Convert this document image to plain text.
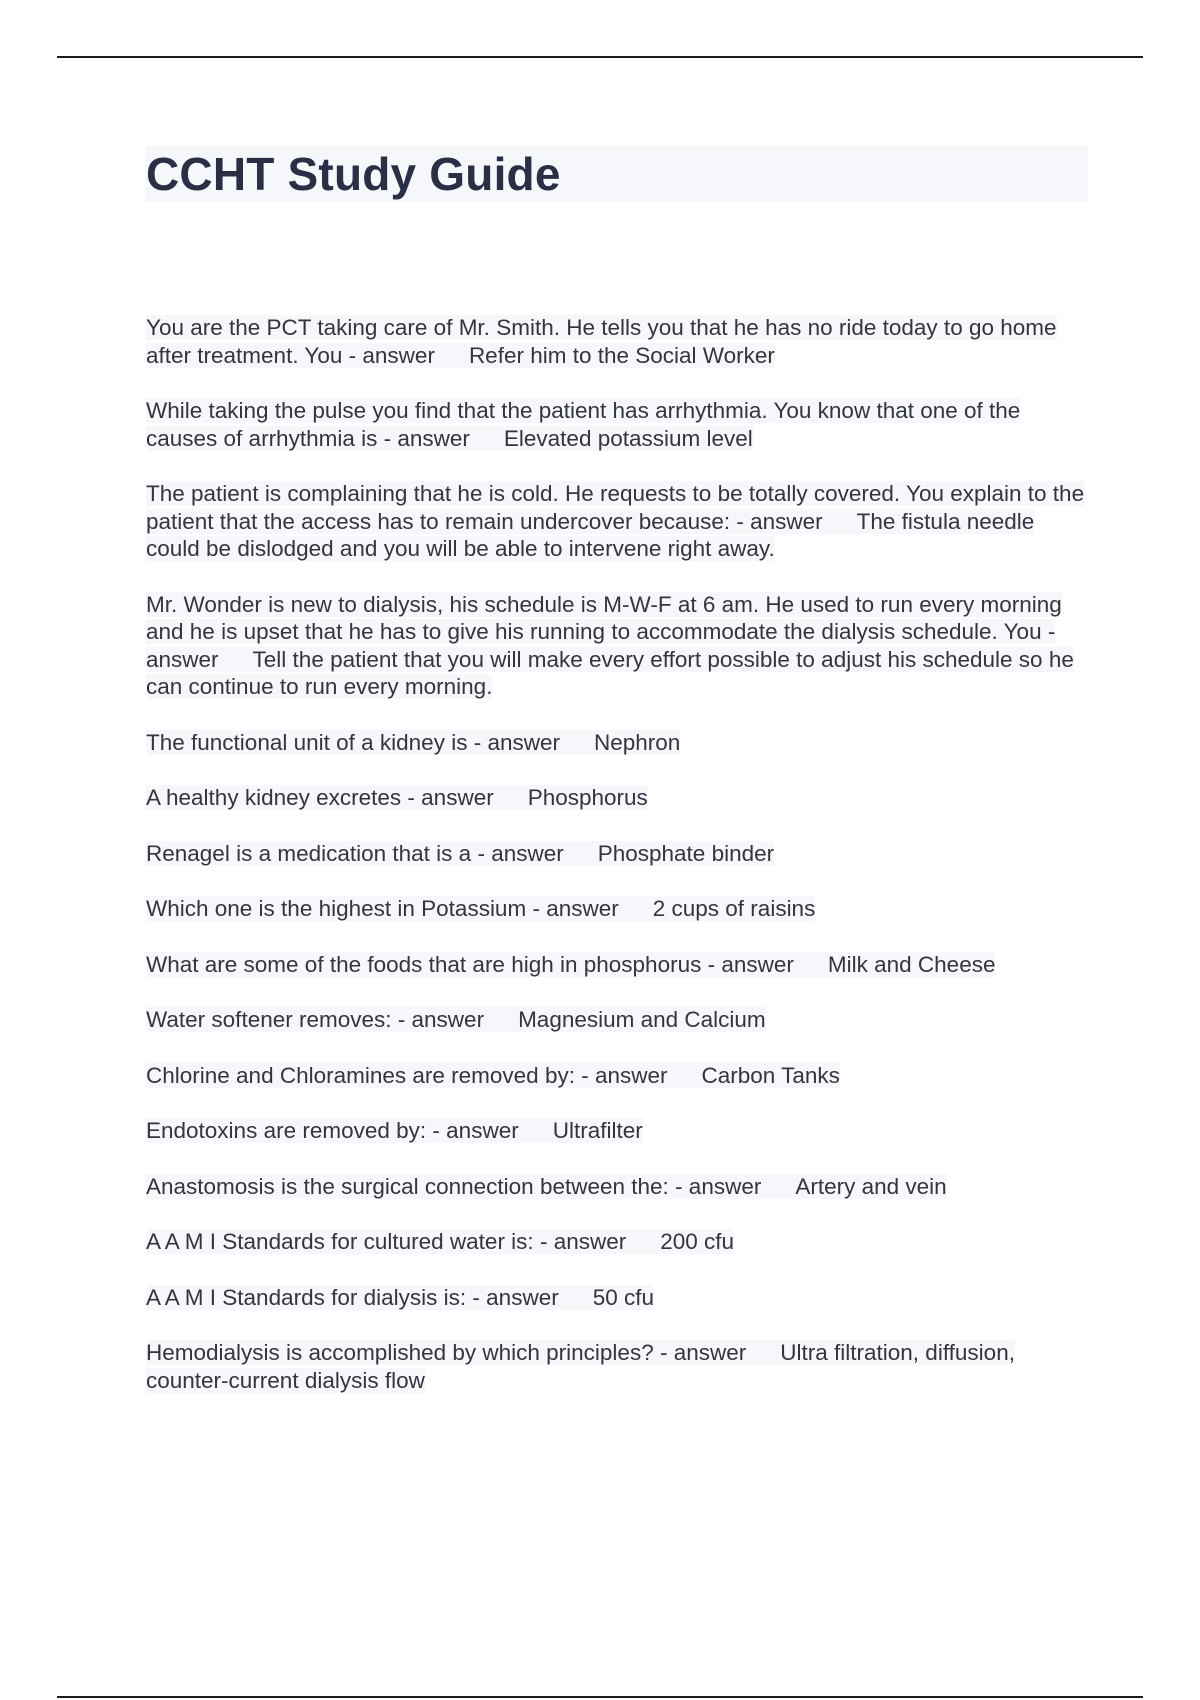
CCHT Study Guide

You are the PCT taking care of Mr. Smith. He tells you that he has no ride today to go home after treatment. You - answer Refer him to the Social Worker

While taking the pulse you find that the patient has arrhythmia. You know that one of the causes of arrhythmia is - answer Elevated potassium level

The patient is complaining that he is cold. He requests to be totally covered. You explain to the patient that the access has to remain undercover because: - answer The fistula needle could be dislodged and you will be able to intervene right away.

Mr. Wonder is new to dialysis, his schedule is M-W-F at 6 am. He used to run every morning and he is upset that he has to give his running to accommodate the dialysis schedule. You - answer Tell the patient that you will make every effort possible to adjust his schedule so he can continue to run every morning.

The functional unit of a kidney is - answer Nephron

A healthy kidney excretes - answer Phosphorus

Renagel is a medication that is a - answer Phosphate binder

Which one is the highest in Potassium - answer 2 cups of raisins

What are some of the foods that are high in phosphorus - answer Milk and Cheese

Water softener removes: - answer Magnesium and Calcium

Chlorine and Chloramines are removed by: - answer Carbon Tanks

Endotoxins are removed by: - answer Ultrafilter

Anastomosis is the surgical connection between the: - answer Artery and vein

A A M I Standards for cultured water is: - answer 200 cfu

A A M I Standards for dialysis is: - answer 50 cfu

Hemodialysis is accomplished by which principles? - answer Ultra filtration, diffusion, counter-current dialysis flow
